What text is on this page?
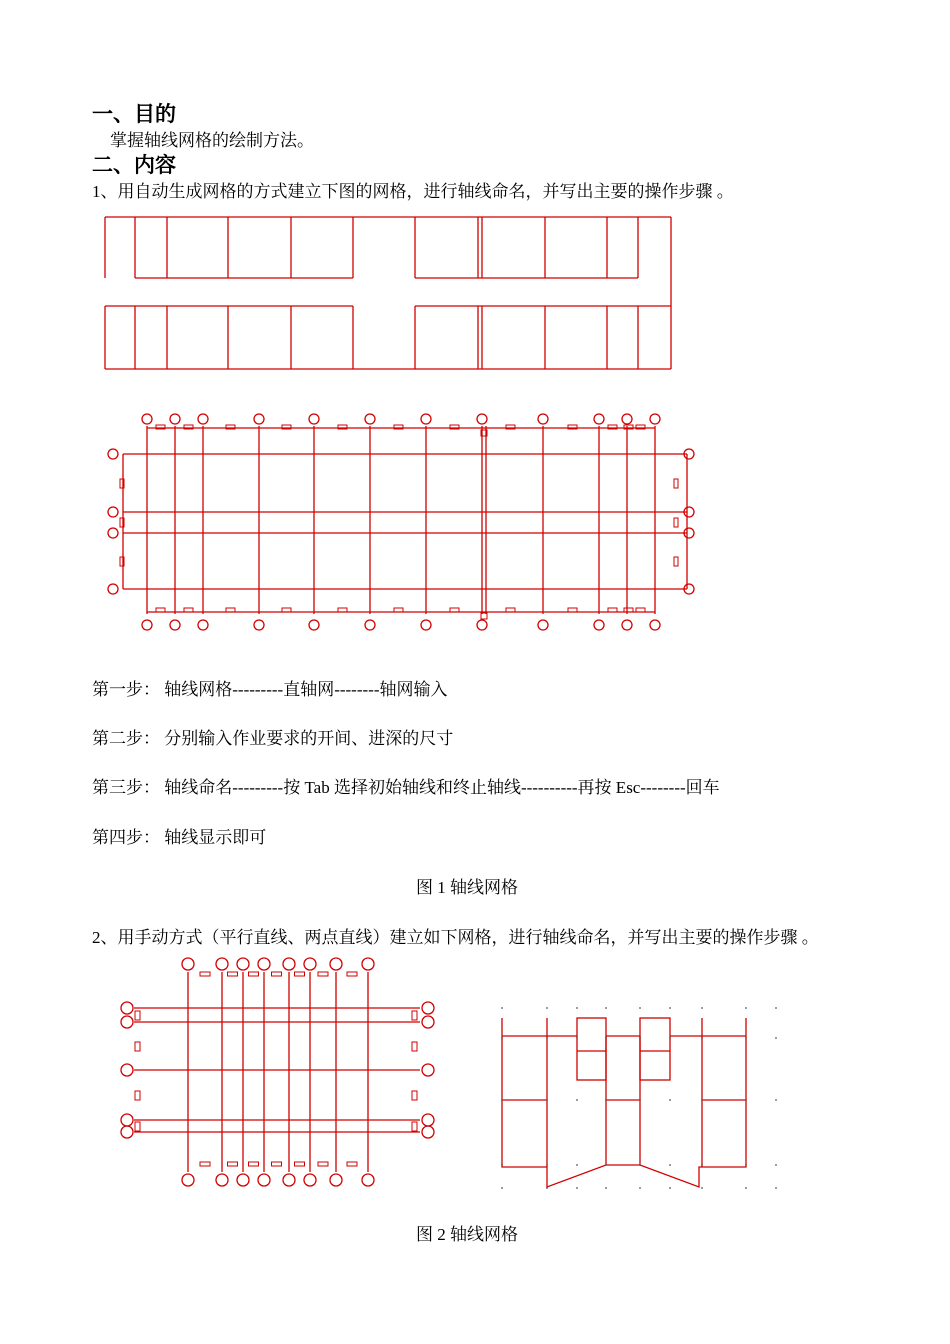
一、目的
掌握轴线网格的绘制方法。
二、内容
1、用自动生成网格的方式建立下图的网格，进行轴线命名，并写出主要的操作步骤 。
第一步： 轴线网格---------直轴网--------轴网输入
第二步： 分别输入作业要求的开间、进深的尺寸
第三步： 轴线命名---------按 Tab 选择初始轴线和终止轴线----------再按 Esc--------回车
第四步： 轴线显示即可
图 1 轴线网格
2、用手动方式（平行直线、两点直线）建立如下网格，进行轴线命名，并写出主要的操作步骤 。
图 2 轴线网格
